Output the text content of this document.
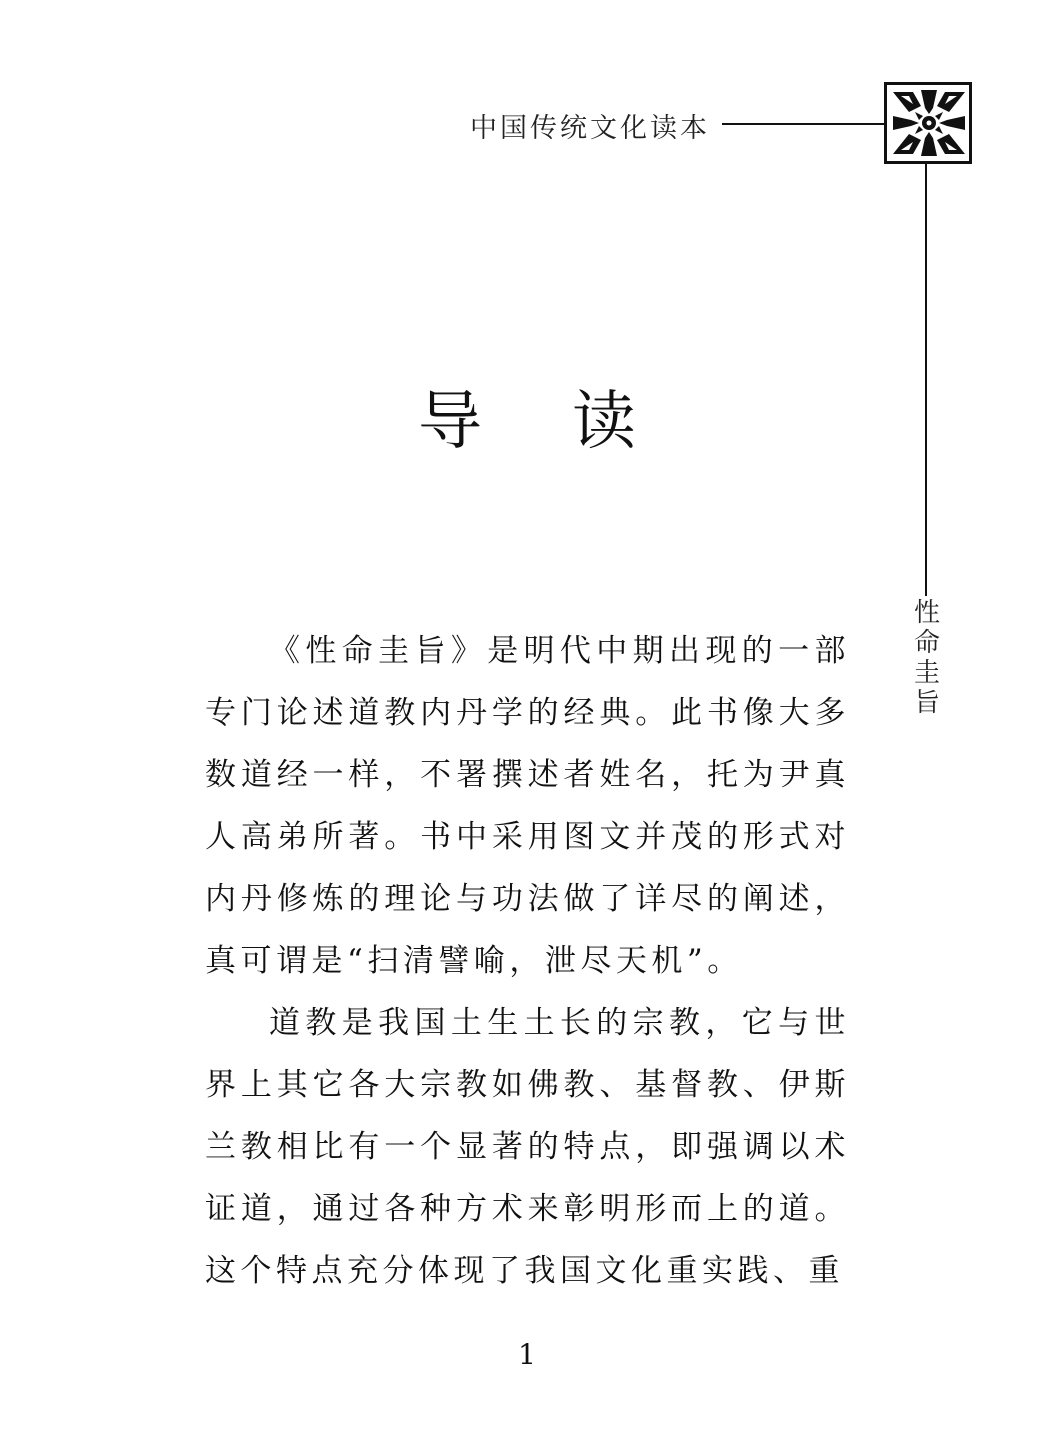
中国传统文化读本
性
命
圭
旨
导读

《性命圭旨》是明代中期出现的一部专门论述道教内丹学的经典。此书像大多数道经一样，不署撰述者姓名，托为尹真人高弟所著。书中采用图文并茂的形式对内丹修炼的理论与功法做了详尽的阐述，真可谓是“扫清譬喻，泄尽天机”。

道教是我国土生土长的宗教，它与世界上其它各大宗教如佛教、基督教、伊斯兰教相比有一个显著的特点，即强调以术证道，通过各种方术来彰明形而上的道。这个特点充分体现了我国文化重实践、重

1
